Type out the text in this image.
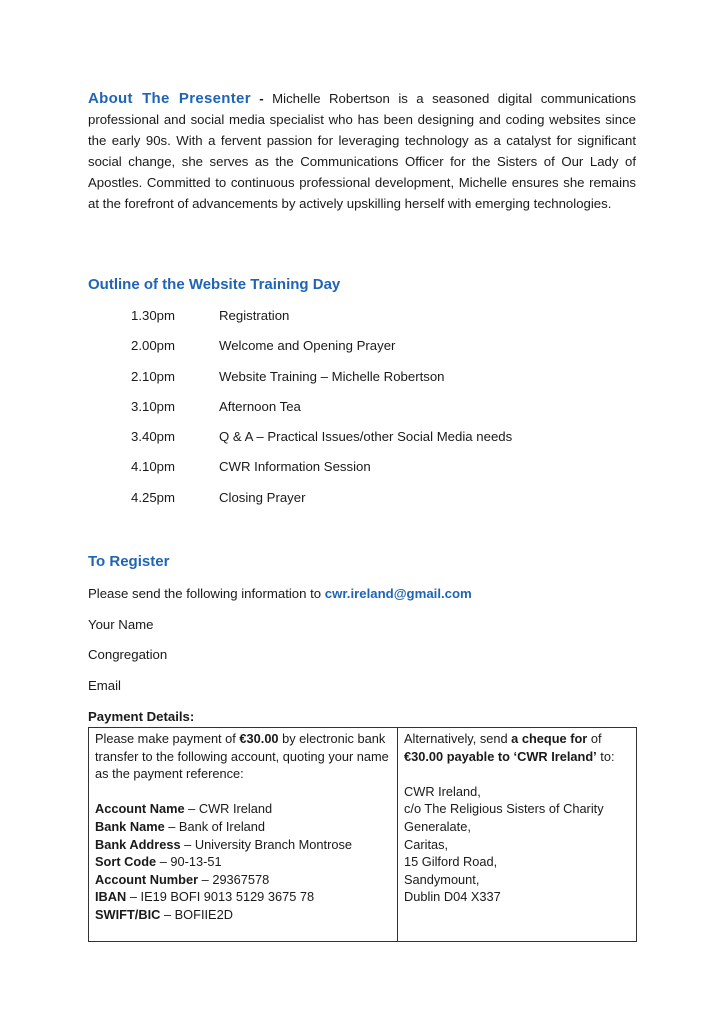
About The Presenter - Michelle Robertson is a seasoned digital communications professional and social media specialist who has been designing and coding websites since the early 90s. With a fervent passion for leveraging technology as a catalyst for significant social change, she serves as the Communications Officer for the Sisters of Our Lady of Apostles. Committed to continuous professional development, Michelle ensures she remains at the forefront of advancements by actively upskilling herself with emerging technologies.
Outline of the Website Training Day
1.30pm	Registration
2.00pm	Welcome and Opening Prayer
2.10pm	Website Training – Michelle Robertson
3.10pm	Afternoon Tea
3.40pm	Q & A – Practical Issues/other Social Media needs
4.10pm	CWR Information Session
4.25pm	Closing Prayer
To Register
Please send the following information to cwr.ireland@gmail.com
Your Name
Congregation
Email
Payment Details:
Please make payment of €30.00 by electronic bank transfer to the following account, quoting your name as the payment reference:
Account Name – CWR Ireland
Bank Name – Bank of Ireland
Bank Address – University Branch Montrose
Sort Code – 90-13-51
Account Number – 29367578
IBAN – IE19 BOFI 9013 5129 3675 78
SWIFT/BIC – BOFIIE2D

Alternatively, send a cheque for of €30.00 payable to ‘CWR Ireland’ to:
CWR Ireland,
c/o The Religious Sisters of Charity
Generalate,
Caritas,
15 Gilford Road,
Sandymount,
Dublin D04 X337
